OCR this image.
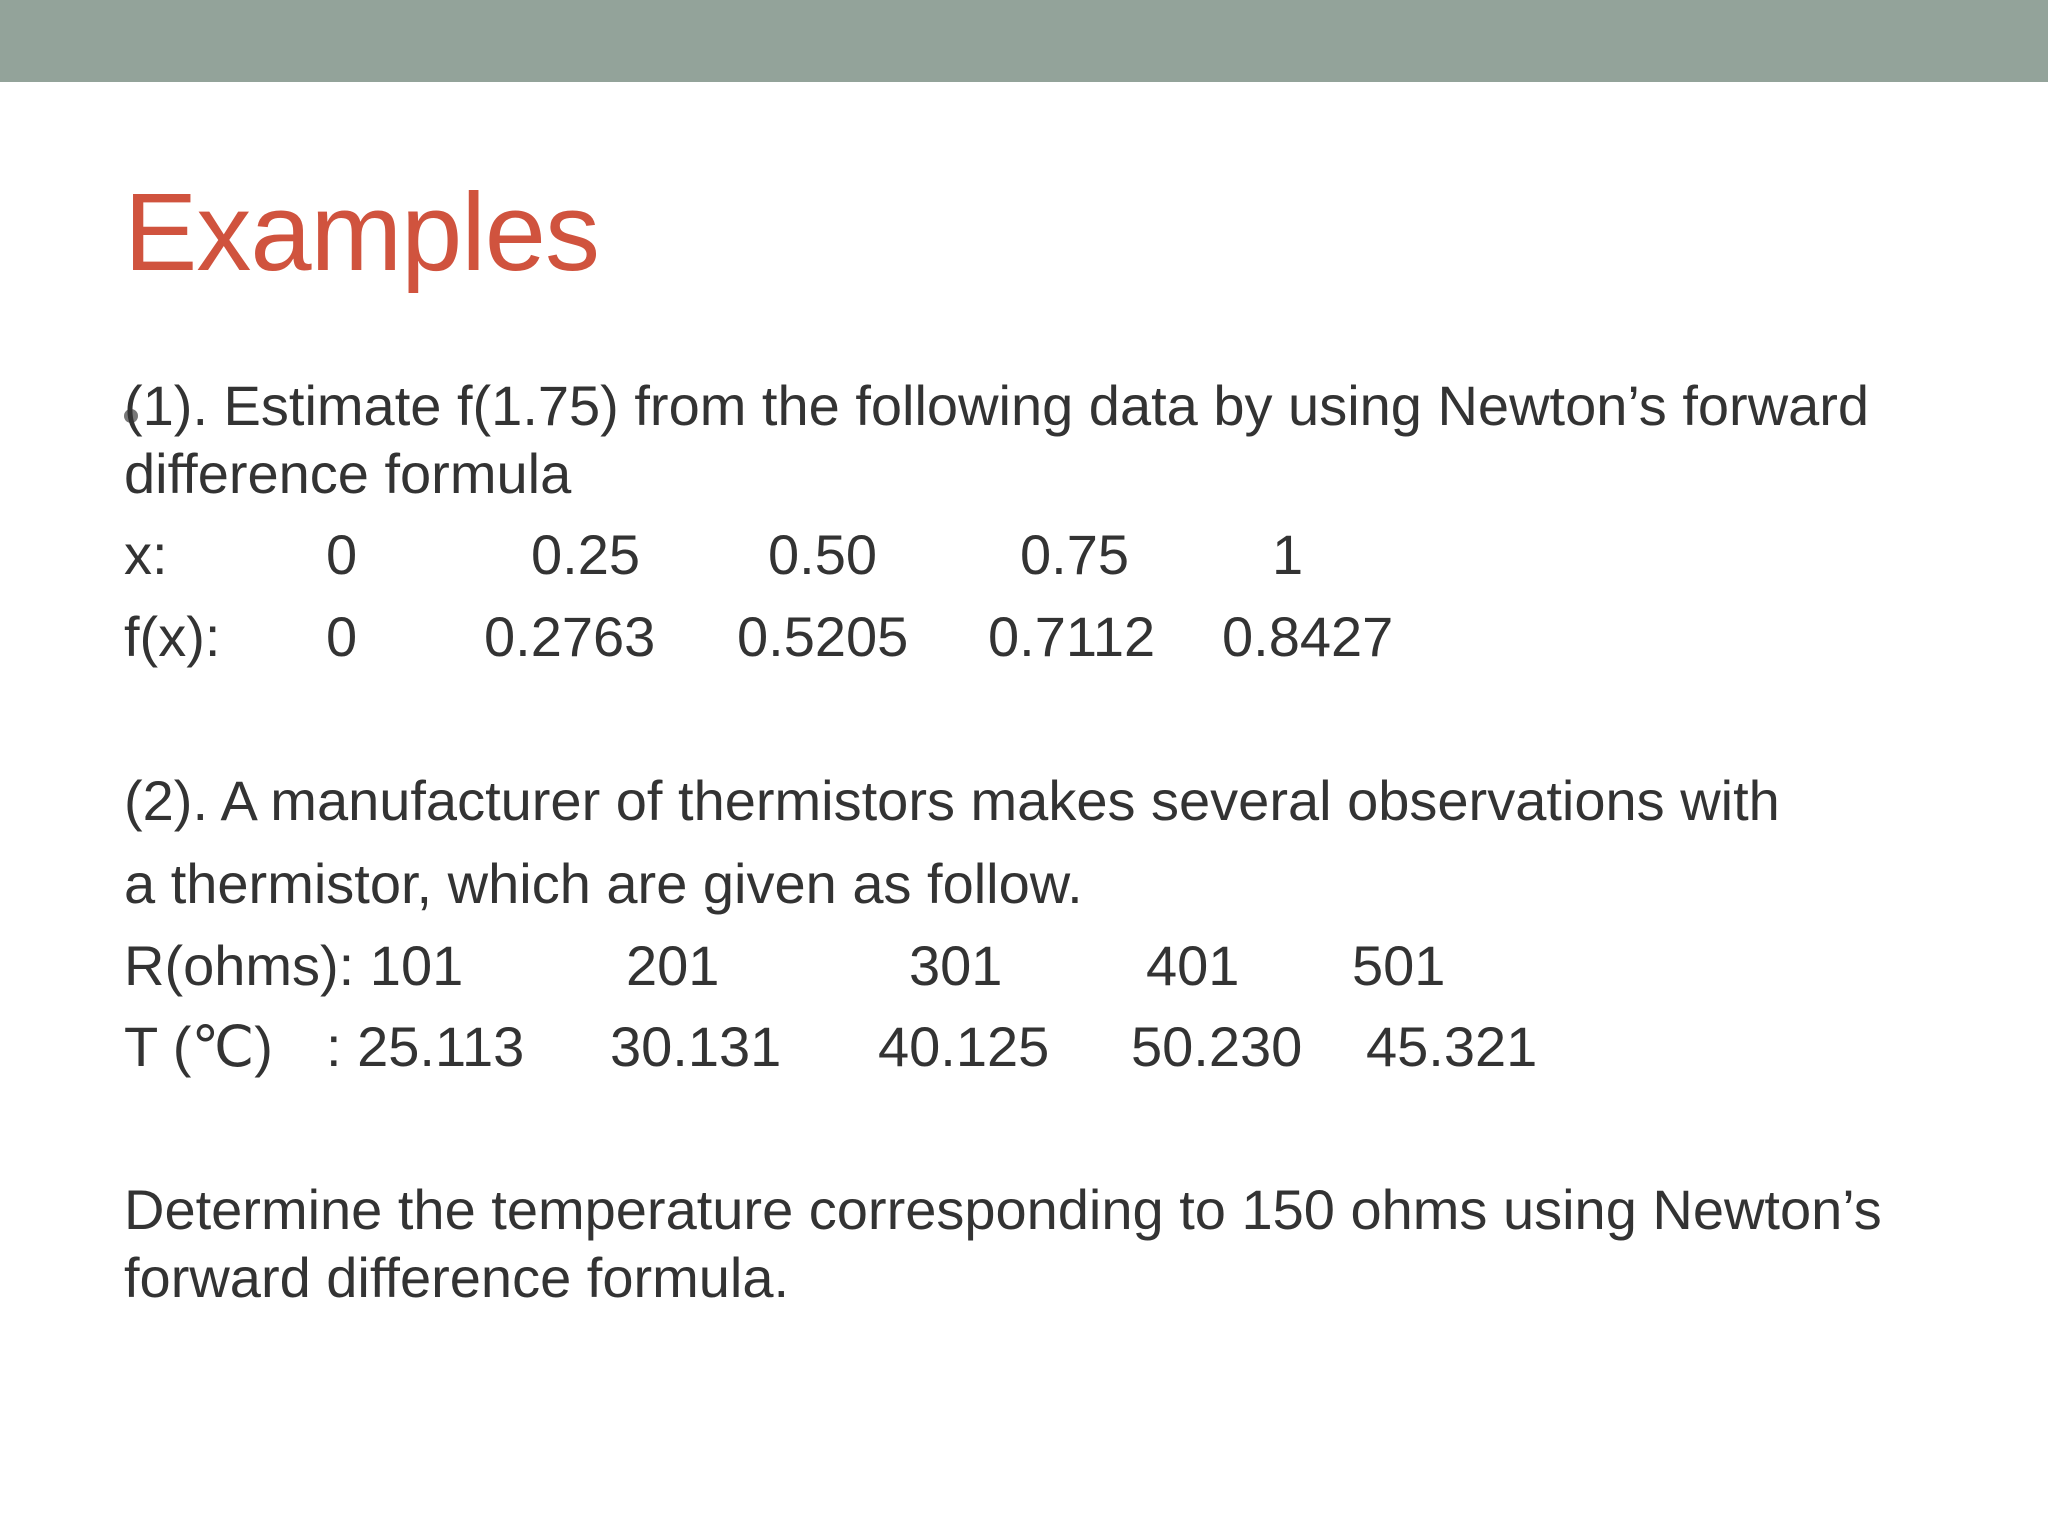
Examples
(1). Estimate f(1.75) from the following data by using Newton’s forward
difference formula
x:	0	0.25 0.50	0.75	1
f(x): 0 0.2763 0.5205 0.7112 0.8427
(2). A manufacturer of thermistors makes several observations with
a thermistor, which are given as follow.
R(ohms): 101	201	301	401 501
T (℃) : 25.113 30.131 40.125 50.230 45.321
Determine the temperature corresponding to 150 ohms using Newton’s
forward difference formula.
